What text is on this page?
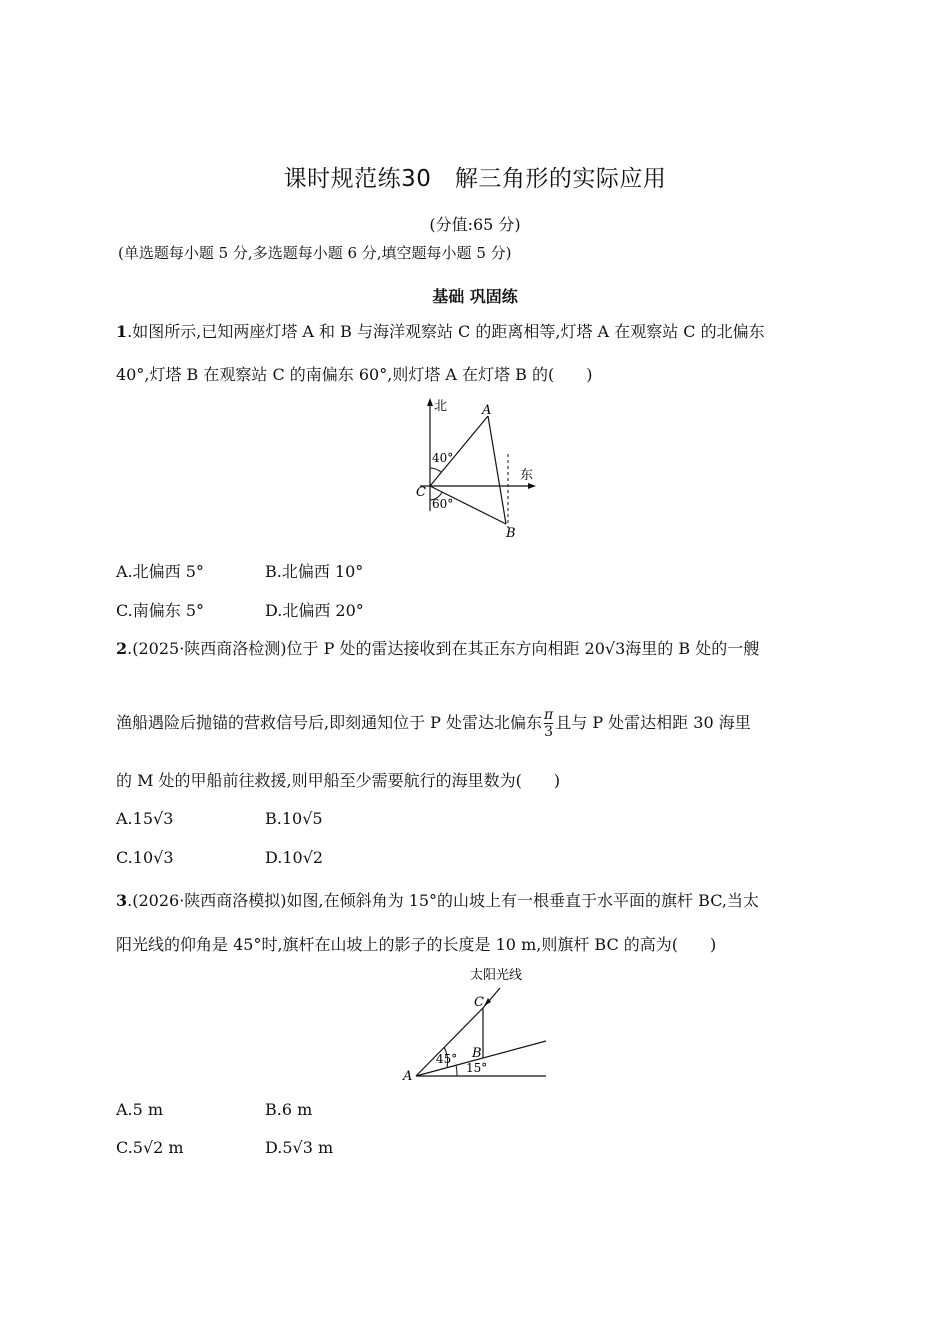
课时规范练30　解三角形的实际应用
(分值:65 分)
(单选题每小题 5 分,多选题每小题 6 分,填空题每小题 5 分)
基础 巩固练
1.如图所示,已知两座灯塔 A 和 B 与海洋观察站 C 的距离相等,灯塔 A 在观察站 C 的北偏东
40°,灯塔 B 在观察站 C 的南偏东 60°,则灯塔 A 在灯塔 B 的(　　)
北
东
A
B
C
40°
60°
A.北偏西 5°	B.北偏西 10°
C.南偏东 5°	D.北偏西 20°
2.(2025·陕西商洛检测)位于 P 处的雷达接收到在其正东方向相距 20√3海里的 B 处的一艘
渔船遇险后抛锚的营救信号后,即刻通知位于 P 处雷达北偏东 $\frac{\pi}{3}$ 且与 P 处雷达相距 30 海里
的 M 处的甲船前往救援,则甲船至少需要航行的海里数为(　　)
A.15√3	B.10√5
C.10√3	D.10√2
3.(2026·陕西商洛模拟)如图,在倾斜角为 15°的山坡上有一根垂直于水平面的旗杆 BC,当太
阳光线的仰角是 45°时,旗杆在山坡上的影子的长度是 10 m,则旗杆 BC 的高为(　　)
太阳光线
C
B
A
45°
15°
A.5 m	B.6 m
C.5√2 m	D.5√3 m
